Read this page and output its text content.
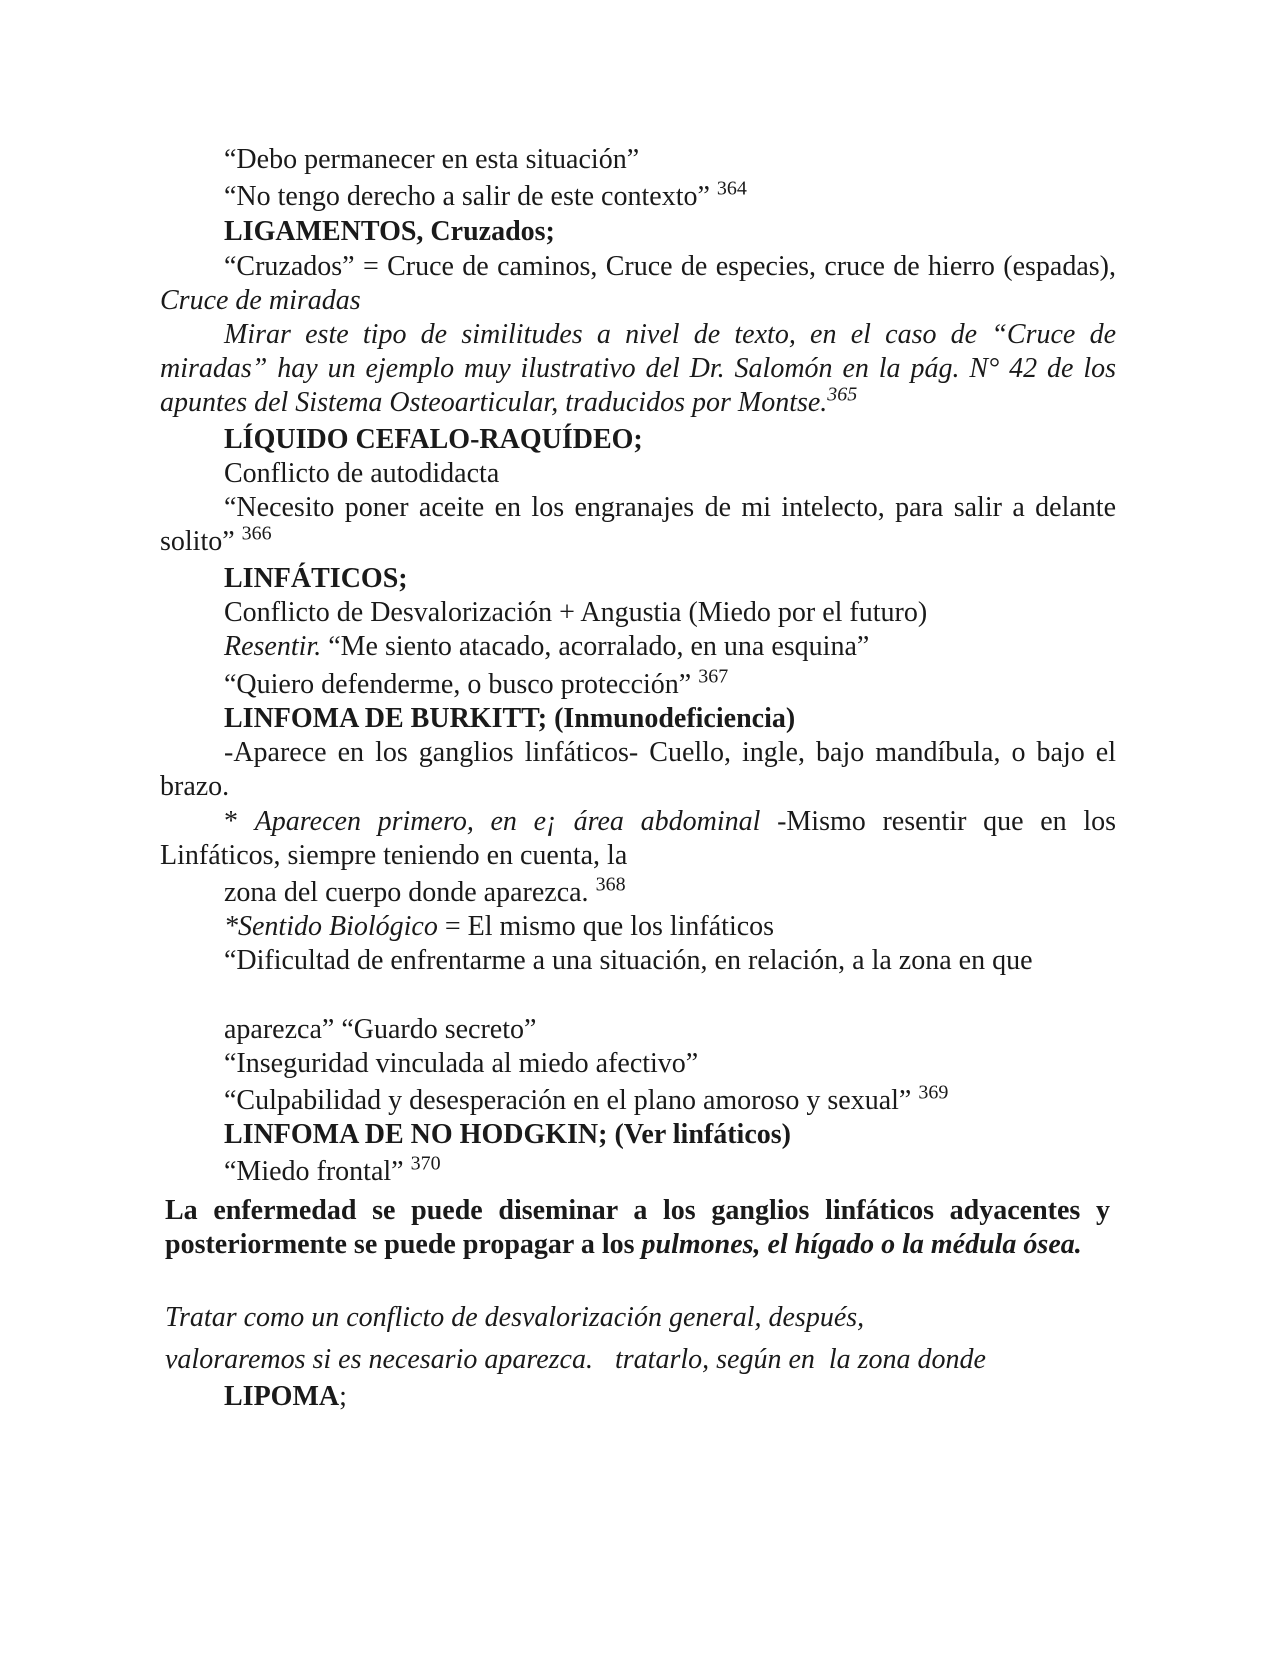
“Debo permanecer en esta situación”
“No tengo derecho a salir de este contexto” $^{364}$
LIGAMENTOS, Cruzados;
“Cruzados” = Cruce de caminos, Cruce de especies, cruce de hierro (espadas), Cruce de miradas
Mirar este tipo de similitudes a nivel de texto, en el caso de “Cruce de miradas” hay un ejemplo muy ilustrativo del Dr. Salomón en la pág. N° 42 de los apuntes del Sistema Osteoarticular, traducidos por Montse.$^{365}$
LÍQUIDO CEFALO-RAQUÍDEO;
Conflicto de autodidacta
“Necesito poner aceite en los engranajes de mi intelecto, para salir a delante solito” $^{366}$
LINFÁTICOS;
Conflicto de Desvalorización + Angustia (Miedo por el futuro)
Resentir. “Me siento atacado, acorralado, en una esquina”
“Quiero defenderme, o busco protección” $^{367}$
LINFOMA DE BURKITT; (Inmunodeficiencia)
-Aparece en los ganglios linfáticos- Cuello, ingle, bajo mandíbula, o bajo el brazo.
* Aparecen primero, en e¡ área abdominal -Mismo resentir que en los Linfáticos, siempre teniendo en cuenta, la
zona del cuerpo donde aparezca. $^{368}$
*Sentido Biológico = El mismo que los linfáticos
“Dificultad de enfrentarme a una situación, en relación, a la zona en que
aparezca” “Guardo secreto”
“Inseguridad vinculada al miedo afectivo”
“Culpabilidad y desesperación en el plano amoroso y sexual” $^{369}$
LINFOMA DE NO HODGKIN; (Ver linfáticos)
“Miedo frontal” $^{370}$
La enfermedad se puede diseminar a los ganglios linfáticos adyacentes y posteriormente se puede propagar a los pulmones, el hígado o la médula ósea.
Tratar como un conflicto de desvalorización general, después,
valoraremos si es necesario aparezca. tratarlo, según en la zona donde
LIPOMA;
